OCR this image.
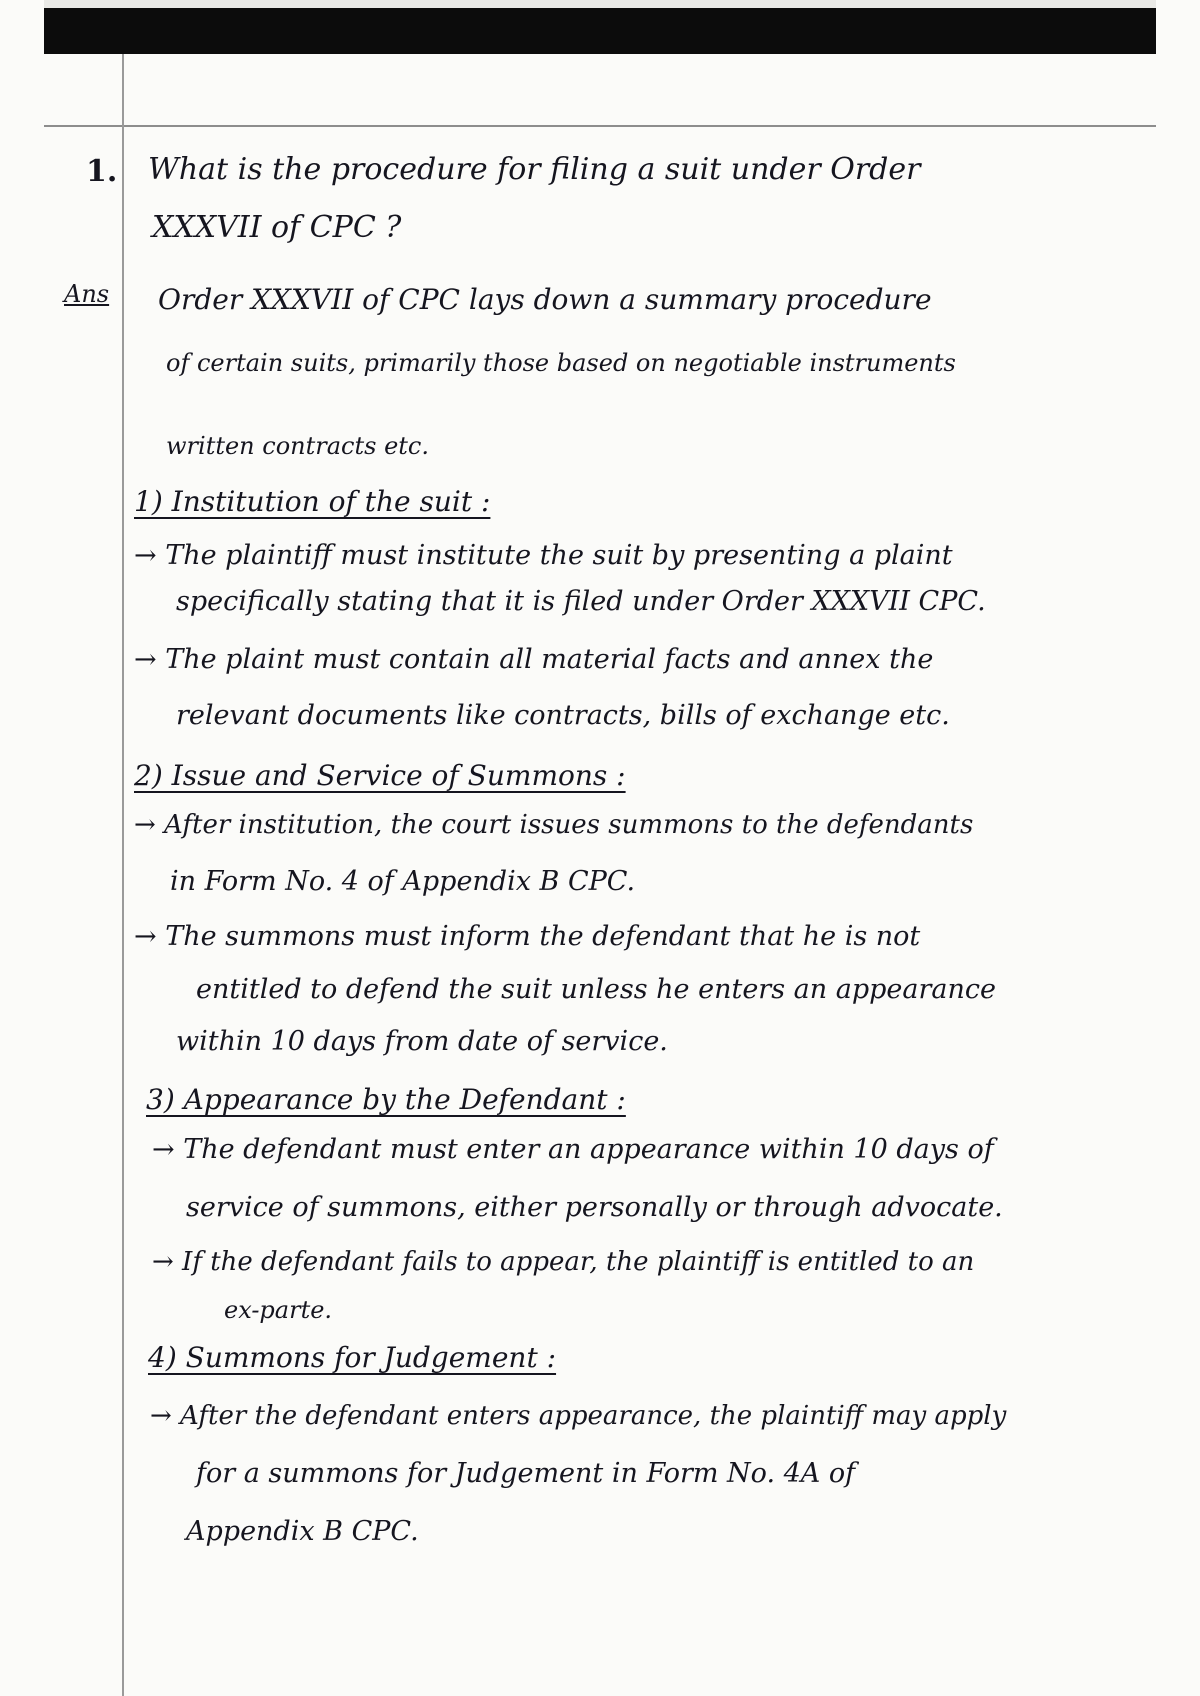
1. What is the procedure for filing a suit under Order

XXXVII of CPC ?

Ans Order XXXVII of CPC lays down a summary procedure

of certain suits, primarily those based on negotiable instruments

written contracts etc.

1) Institution of the suit :

→ The plaintiff must institute the suit by presenting a plaint

specifically stating that it is filed under Order XXXVII CPC.

→ The plaint must contain all material facts and annex the

relevant documents like contracts, bills of exchange etc.

2) Issue and Service of Summons :

→ After institution, the court issues summons to the defendants

in Form No. 4 of Appendix B CPC.

→ The summons must inform the defendant that he is not

entitled to defend the suit unless he enters an appearance

within 10 days from date of service.

3) Appearance by the Defendant :

→ The defendant must enter an appearance within 10 days of

service of summons, either personally or through advocate.

→ If the defendant fails to appear, the plaintiff is entitled to an

ex-parte.

4) Summons for Judgement :

→ After the defendant enters appearance, the plaintiff may apply

for a summons for Judgement in Form No. 4A of

Appendix B CPC.
